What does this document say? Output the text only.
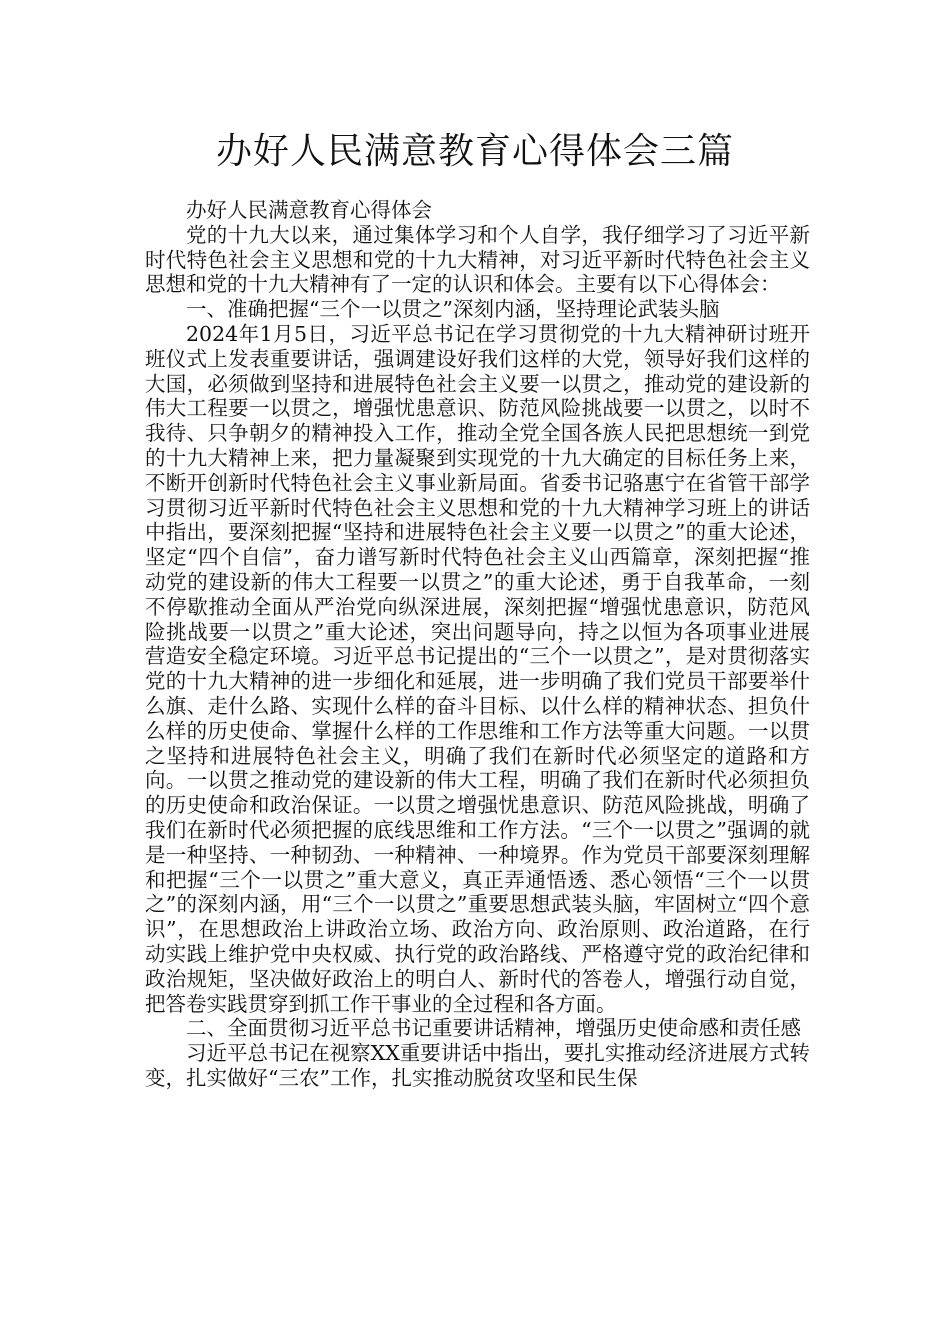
办好人民满意教育心得体会三篇

办好人民满意教育心得体会

党的十九大以来，通过集体学习和个人自学，我仔细学习了习近平新时代特色社会主义思想和党的十九大精神，对习近平新时代特色社会主义思想和党的十九大精神有了一定的认识和体会。主要有以下心得体会：

一、准确把握“三个一以贯之”深刻内涵，坚持理论武装头脑

2024年1月5日，习近平总书记在学习贯彻党的十九大精神研讨班开班仪式上发表重要讲话，强调建设好我们这样的大党，领导好我们这样的大国，必须做到坚持和进展特色社会主义要一以贯之，推动党的建设新的伟大工程要一以贯之，增强忧患意识、防范风险挑战要一以贯之，以时不我待、只争朝夕的精神投入工作，推动全党全国各族人民把思想统一到党的十九大精神上来，把力量凝聚到实现党的十九大确定的目标任务上来，不断开创新时代特色社会主义事业新局面。省委书记骆惠宁在省管干部学习贯彻习近平新时代特色社会主义思想和党的十九大精神学习班上的讲话中指出，要深刻把握“坚持和进展特色社会主义要一以贯之”的重大论述，坚定“四个自信”，奋力谱写新时代特色社会主义山西篇章，深刻把握“推动党的建设新的伟大工程要一以贯之”的重大论述，勇于自我革命，一刻不停歇推动全面从严治党向纵深进展，深刻把握“增强忧患意识，防范风险挑战要一以贯之”重大论述，突出问题导向，持之以恒为各项事业进展营造安全稳定环境。习近平总书记提出的“三个一以贯之”，是对贯彻落实党的十九大精神的进一步细化和延展，进一步明确了我们党员干部要举什么旗、走什么路、实现什么样的奋斗目标、以什么样的精神状态、担负什么样的历史使命、掌握什么样的工作思维和工作方法等重大问题。一以贯之坚持和进展特色社会主义，明确了我们在新时代必须坚定的道路和方向。一以贯之推动党的建设新的伟大工程，明确了我们在新时代必须担负的历史使命和政治保证。一以贯之增强忧患意识、防范风险挑战，明确了我们在新时代必须把握的底线思维和工作方法。“三个一以贯之”强调的就是一种坚持、一种韧劲、一种精神、一种境界。作为党员干部要深刻理解和把握“三个一以贯之”重大意义，真正弄通悟透、悉心领悟“三个一以贯之”的深刻内涵，用“三个一以贯之”重要思想武装头脑，牢固树立“四个意识”，在思想政治上讲政治立场、政治方向、政治原则、政治道路，在行动实践上维护党中央权威、执行党的政治路线、严格遵守党的政治纪律和政治规矩，坚决做好政治上的明白人、新时代的答卷人，增强行动自觉，把答卷实践贯穿到抓工作干事业的全过程和各方面。

二、全面贯彻习近平总书记重要讲话精神，增强历史使命感和责任感

习近平总书记在视察XX重要讲话中指出，要扎实推动经济进展方式转变，扎实做好“三农”工作，扎实推动脱贫攻坚和民生保
